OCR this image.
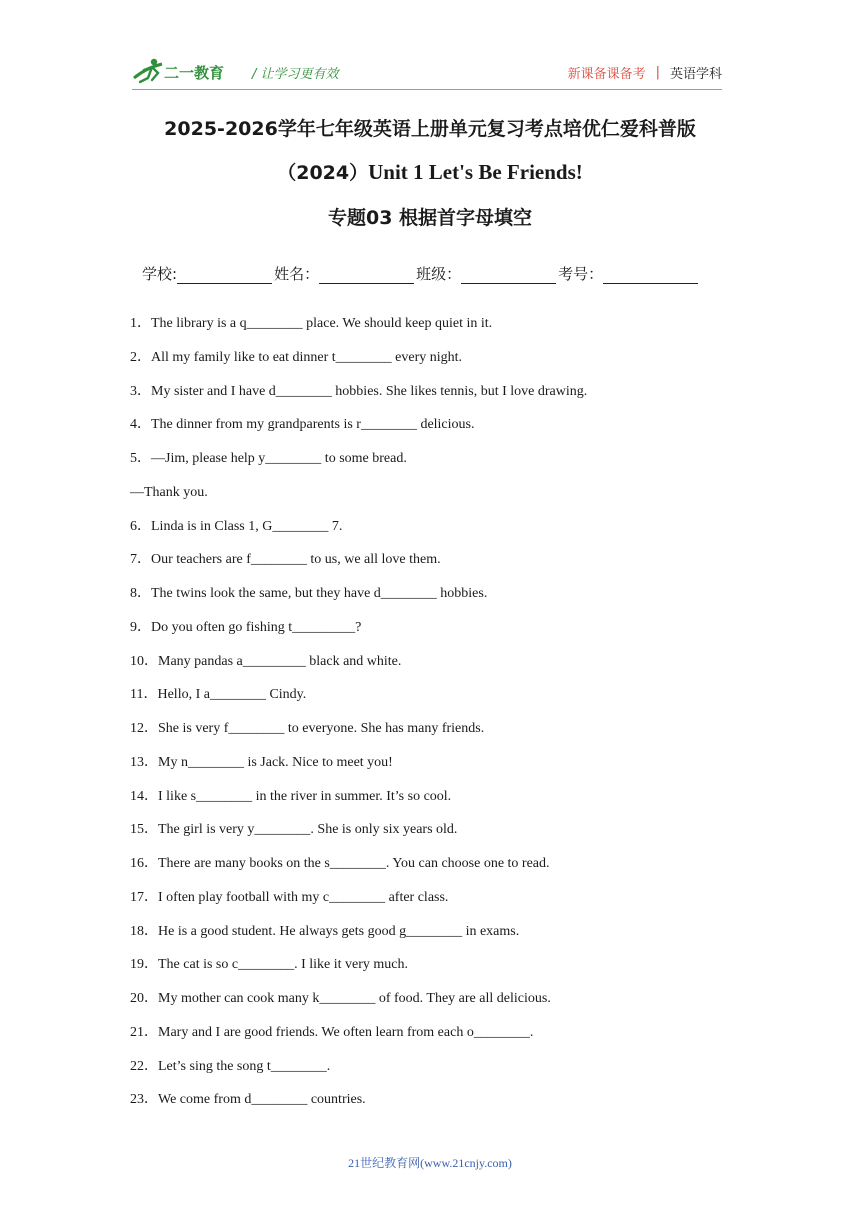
二一教育 / 让学习更有效	新课备课备考 | 英语学科
2025-2026学年七年级英语上册单元复习考点培优仁爱科普版
（2024）Unit 1 Let's Be Friends!
专题03 根据首字母填空
学校:	姓名：	班级：	考号：
1．The library is a q________ place. We should keep quiet in it.
2．All my family like to eat dinner t________ every night.
3．My sister and I have d________ hobbies. She likes tennis, but I love drawing.
4．The dinner from my grandparents is r________ delicious.
5．—Jim, please help y________ to some bread.
—Thank you.
6．Linda is in Class 1, G________ 7.
7．Our teachers are f________ to us, we all love them.
8．The twins look the same, but they have d________ hobbies.
9．Do you often go fishing t_________?
10．Many pandas a_________ black and white.
11．Hello, I a________ Cindy.
12．She is very f________ to everyone. She has many friends.
13．My n________ is Jack. Nice to meet you!
14．I like s________ in the river in summer. It’s so cool.
15．The girl is very y________. She is only six years old.
16．There are many books on the s________. You can choose one to read.
17．I often play football with my c________ after class.
18．He is a good student. He always gets good g________ in exams.
19．The cat is so c________. I like it very much.
20．My mother can cook many k________ of food. They are all delicious.
21．Mary and I are good friends. We often learn from each o________.
22．Let’s sing the song t________.
23．We come from d________ countries.
21世纪教育网(www.21cnjy.com)
